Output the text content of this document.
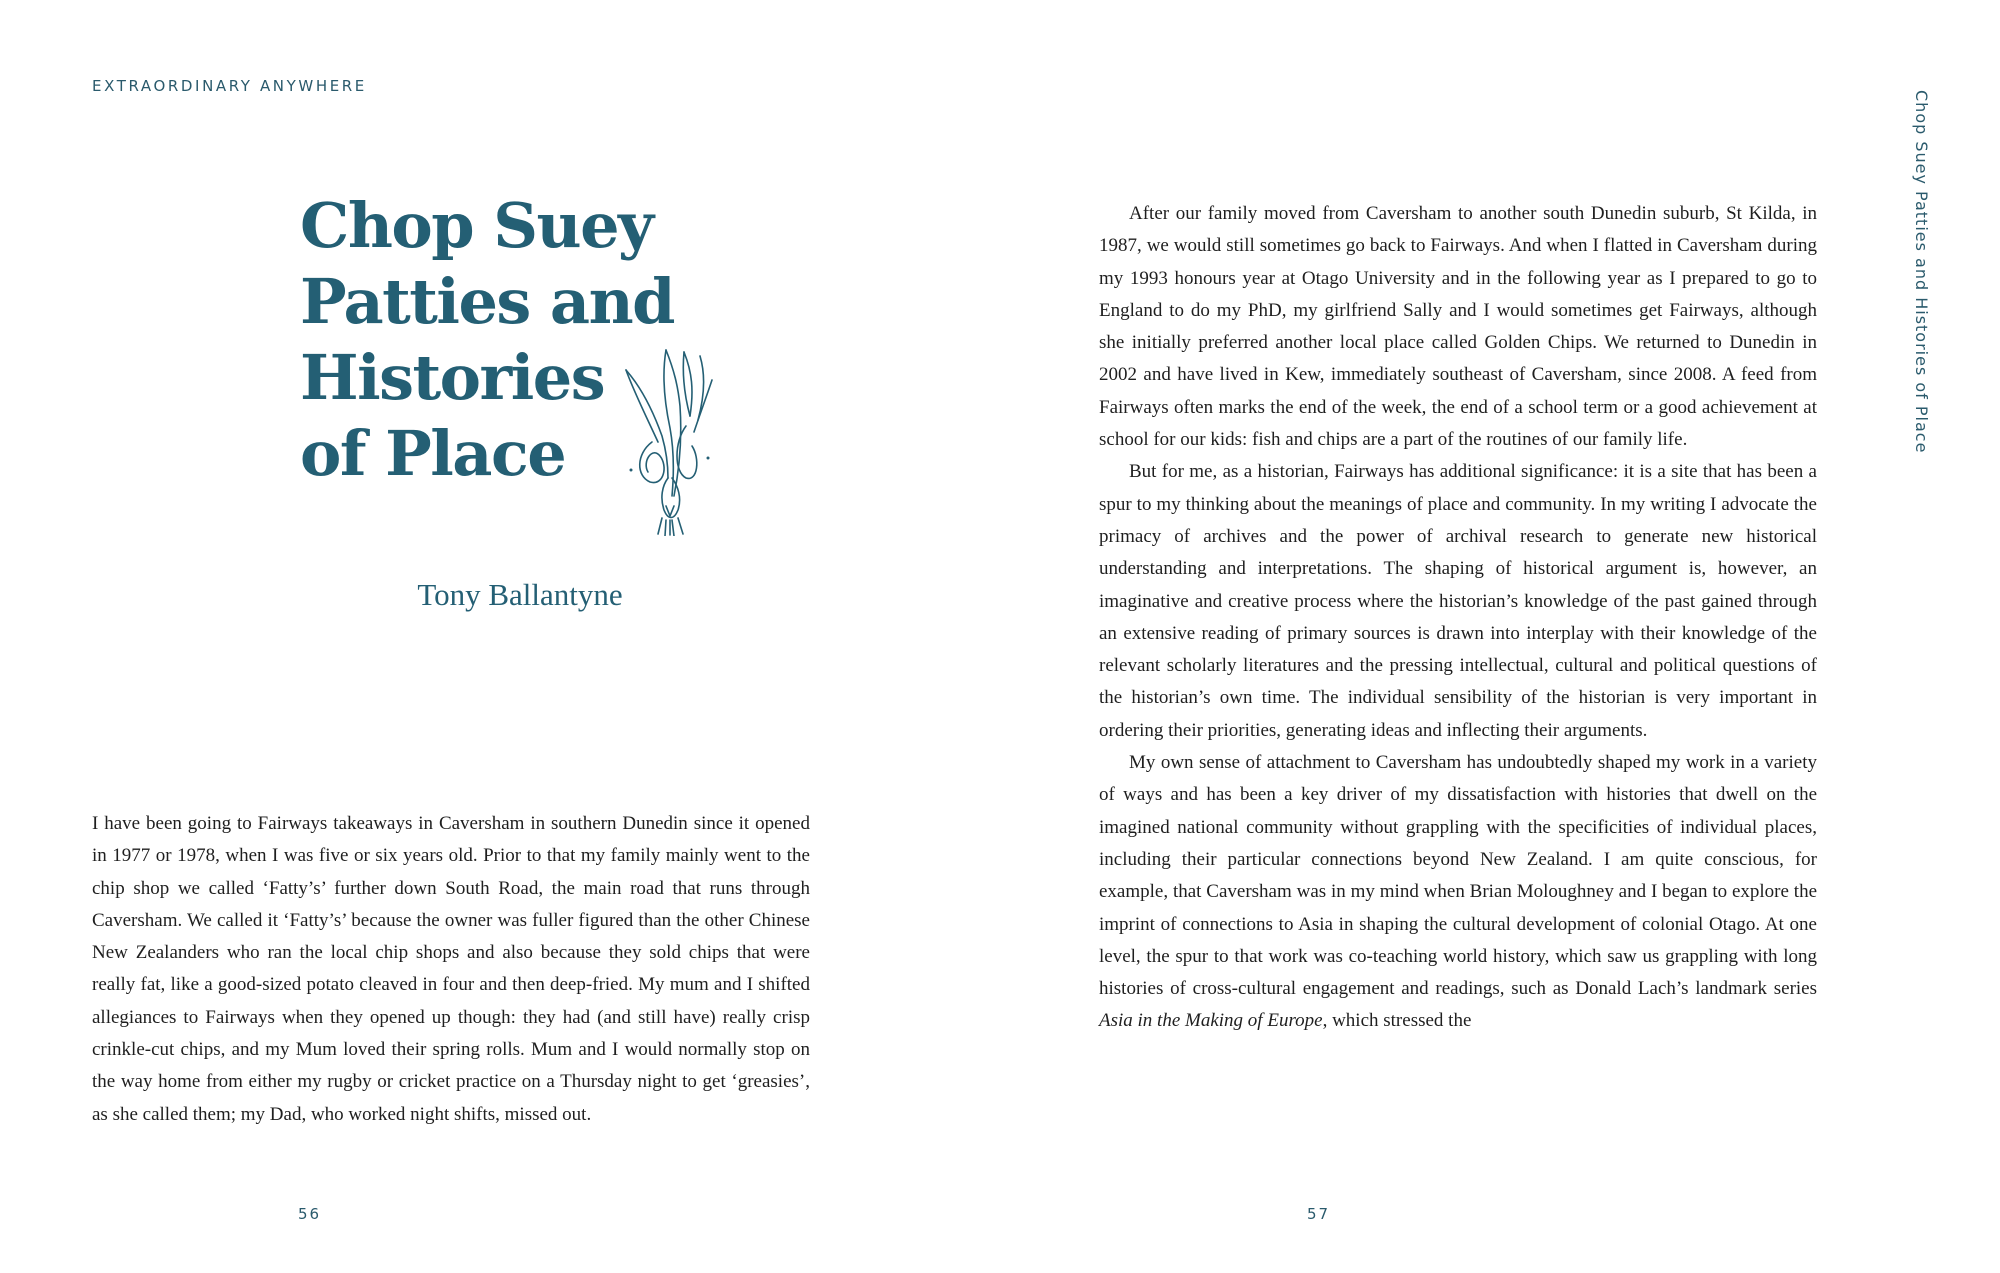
EXTRAORDINARY ANYWHERE
Chop Suey
Patties and
Histories
of Place
Tony Ballantyne

I have been going to Fairways takeaways in Caversham in southern Dunedin since it opened in 1977 or 1978, when I was five or six years old. Prior to that my family mainly went to the chip shop we called ‘Fatty’s’ further down South Road, the main road that runs through Caversham. We called it ‘Fatty’s’ because the owner was fuller figured than the other Chinese New Zealanders who ran the local chip shops and also because they sold chips that were really fat, like a good-sized potato cleaved in four and then deep-fried. My mum and I shifted allegiances to Fairways when they opened up though: they had (and still have) really crisp crinkle-cut chips, and my Mum loved their spring rolls. Mum and I would normally stop on the way home from either my rugby or cricket practice on a Thursday night to get ‘greasies’, as she called them; my Dad, who worked night shifts, missed out.

56

After our family moved from Caversham to another south Dunedin suburb, St Kilda, in 1987, we would still sometimes go back to Fairways. And when I flatted in Caversham during my 1993 honours year at Otago University and in the following year as I prepared to go to England to do my PhD, my girlfriend Sally and I would sometimes get Fairways, although she initially preferred another local place called Golden Chips. We returned to Dunedin in 2002 and have lived in Kew, immediately southeast of Caversham, since 2008. A feed from Fairways often marks the end of the week, the end of a school term or a good achievement at school for our kids: fish and chips are a part of the routines of our family life.

But for me, as a historian, Fairways has additional significance: it is a site that has been a spur to my thinking about the meanings of place and community. In my writing I advocate the primacy of archives and the power of archival research to generate new historical understanding and interpretations. The shaping of historical argument is, however, an imaginative and creative process where the historian’s knowledge of the past gained through an extensive reading of primary sources is drawn into interplay with their knowledge of the relevant scholarly literatures and the pressing intellectual, cultural and political questions of the historian’s own time. The individual sensibility of the historian is very important in ordering their priorities, generating ideas and inflecting their arguments.

My own sense of attachment to Caversham has undoubtedly shaped my work in a variety of ways and has been a key driver of my dissatisfaction with histories that dwell on the imagined national community without grappling with the specificities of individual places, including their particular connections beyond New Zealand. I am quite conscious, for example, that Caversham was in my mind when Brian Moloughney and I began to explore the imprint of connections to Asia in shaping the cultural development of colonial Otago. At one level, the spur to that work was co-teaching world history, which saw us grappling with long histories of cross-cultural engagement and readings, such as Donald Lach’s landmark series Asia in the Making of Europe, which stressed the

57
Chop Suey Patties and Histories of Place
